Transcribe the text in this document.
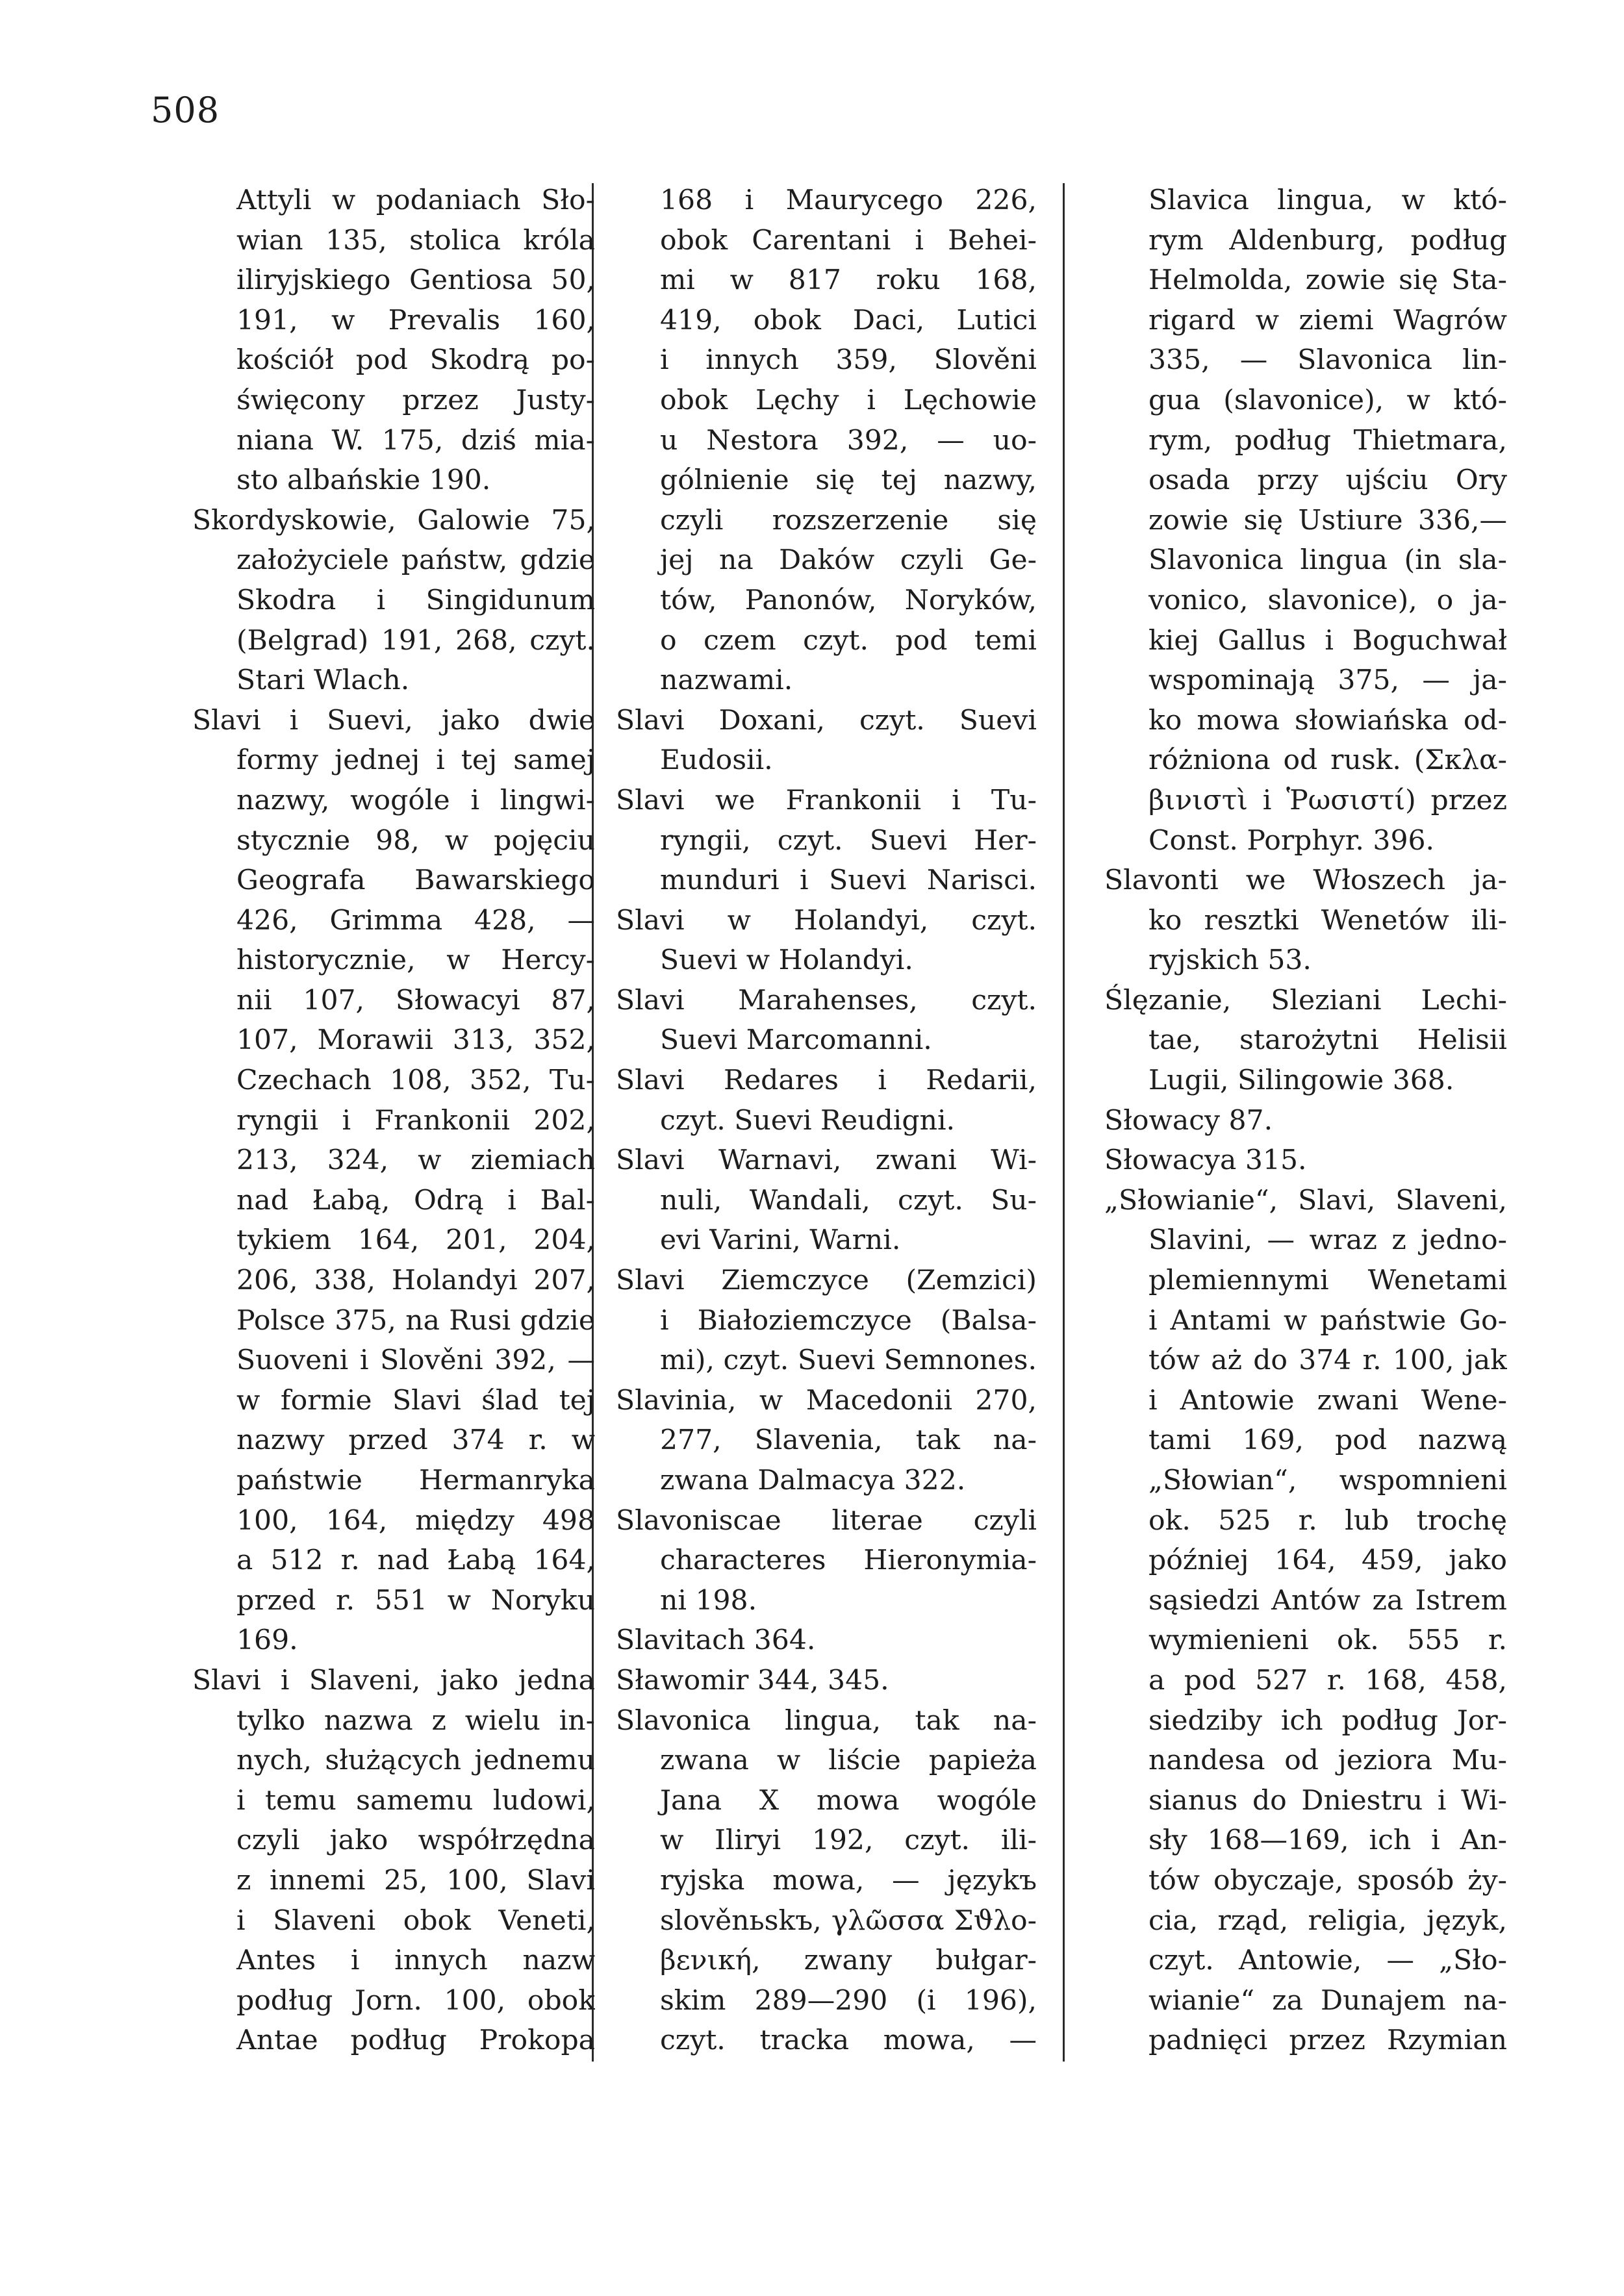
508
Attyli w podaniach Sło-
wian 135, stolica króla
iliryjskiego Gentiosa 50,
191, w Prevalis 160,
kościół pod Skodrą po-
święcony przez Justy-
niana W. 175, dziś mia-
sto albańskie 190.
Skordyskowie, Galowie 75,
założyciele państw, gdzie
Skodra i Singidunum
(Belgrad) 191, 268, czyt.
Stari Wlach.
Slavi i Suevi, jako dwie
formy jednej i tej samej
nazwy, wogóle i lingwi-
stycznie 98, w pojęciu
Geografa Bawarskiego
426, Grimma 428, —
historycznie, w Hercy-
nii 107, Słowacyi 87,
107, Morawii 313, 352,
Czechach 108, 352, Tu-
ryngii i Frankonii 202,
213, 324, w ziemiach
nad Łabą, Odrą i Bal-
tykiem 164, 201, 204,
206, 338, Holandyi 207,
Polsce 375, na Rusi gdzie
Suoveni i Slověni 392, —
w formie Slavi ślad tej
nazwy przed 374 r. w
państwie Hermanryka
100, 164, między 498
a 512 r. nad Łabą 164,
przed r. 551 w Noryku
169.
Slavi i Slaveni, jako jedna
tylko nazwa z wielu in-
nych, służących jednemu
i temu samemu ludowi,
czyli jako współrzędna
z innemi 25, 100, Slavi
i Slaveni obok Veneti,
Antes i innych nazw
podług Jorn. 100, obok
Antae podług Prokopa
168 i Maurycego 226,
obok Carentani i Behei-
mi w 817 roku 168,
419, obok Daci, Lutici
i innych 359, Slověni
obok Lęchy i Lęchowie
u Nestora 392, — uo-
gólnienie się tej nazwy,
czyli rozszerzenie się
jej na Daków czyli Ge-
tów, Panonów, Noryków,
o czem czyt. pod temi
nazwami.
Slavi Doxani, czyt. Suevi
Eudosii.
Slavi we Frankonii i Tu-
ryngii, czyt. Suevi Her-
munduri i Suevi Narisci.
Slavi w Holandyi, czyt.
Suevi w Holandyi.
Slavi Marahenses, czyt.
Suevi Marcomanni.
Slavi Redares i Redarii,
czyt. Suevi Reudigni.
Slavi Warnavi, zwani Wi-
nuli, Wandali, czyt. Su-
evi Varini, Warni.
Slavi Ziemczyce (Zemzici)
i Białoziemczyce (Balsa-
mi), czyt. Suevi Semnones.
Slavinia, w Macedonii 270,
277, Slavenia, tak na-
zwana Dalmacya 322.
Slavoniscae literae czyli
characteres Hieronymia-
ni 198.
Slavitach 364.
Sławomir 344, 345.
Slavonica lingua, tak na-
zwana w liście papieża
Jana X mowa wogóle
w Iliryi 192, czyt. ili-
ryjska mowa, — językъ
slověnьskъ, γλῶσσα Σϑλο-
βενική, zwany bułgar-
skim 289—290 (i 196),
czyt. tracka mowa, —
Slavica lingua, w któ-
rym Aldenburg, podług
Helmolda, zowie się Sta-
rigard w ziemi Wagrów
335, — Slavonica lin-
gua (slavonice), w któ-
rym, podług Thietmara,
osada przy ujściu Ory
zowie się Ustiure 336,—
Slavonica lingua (in sla-
vonico, slavonice), o ja-
kiej Gallus i Boguchwał
wspominają 375, — ja-
ko mowa słowiańska od-
różniona od rusk. (Σκλα-
βινιστὶ i Ῥωσιστί) przez
Const. Porphyr. 396.
Slavonti we Włoszech ja-
ko resztki Wenetów ili-
ryjskich 53.
Ślęzanie, Sleziani Lechi-
tae, starożytni Helisii
Lugii, Silingowie 368.
Słowacy 87.
Słowacya 315.
„Słowianie“, Slavi, Slaveni,
Slavini, — wraz z jedno-
plemiennymi Wenetami
i Antami w państwie Go-
tów aż do 374 r. 100, jak
i Antowie zwani Wene-
tami 169, pod nazwą
„Słowian“, wspomnieni
ok. 525 r. lub trochę
później 164, 459, jako
sąsiedzi Antów za Istrem
wymienieni ok. 555 r.
a pod 527 r. 168, 458,
siedziby ich podług Jor-
nandesa od jeziora Mu-
sianus do Dniestru i Wi-
sły 168—169, ich i An-
tów obyczaje, sposób ży-
cia, rząd, religia, język,
czyt. Antowie, — „Sło-
wianie“ za Dunajem na-
padnięci przez Rzymian
